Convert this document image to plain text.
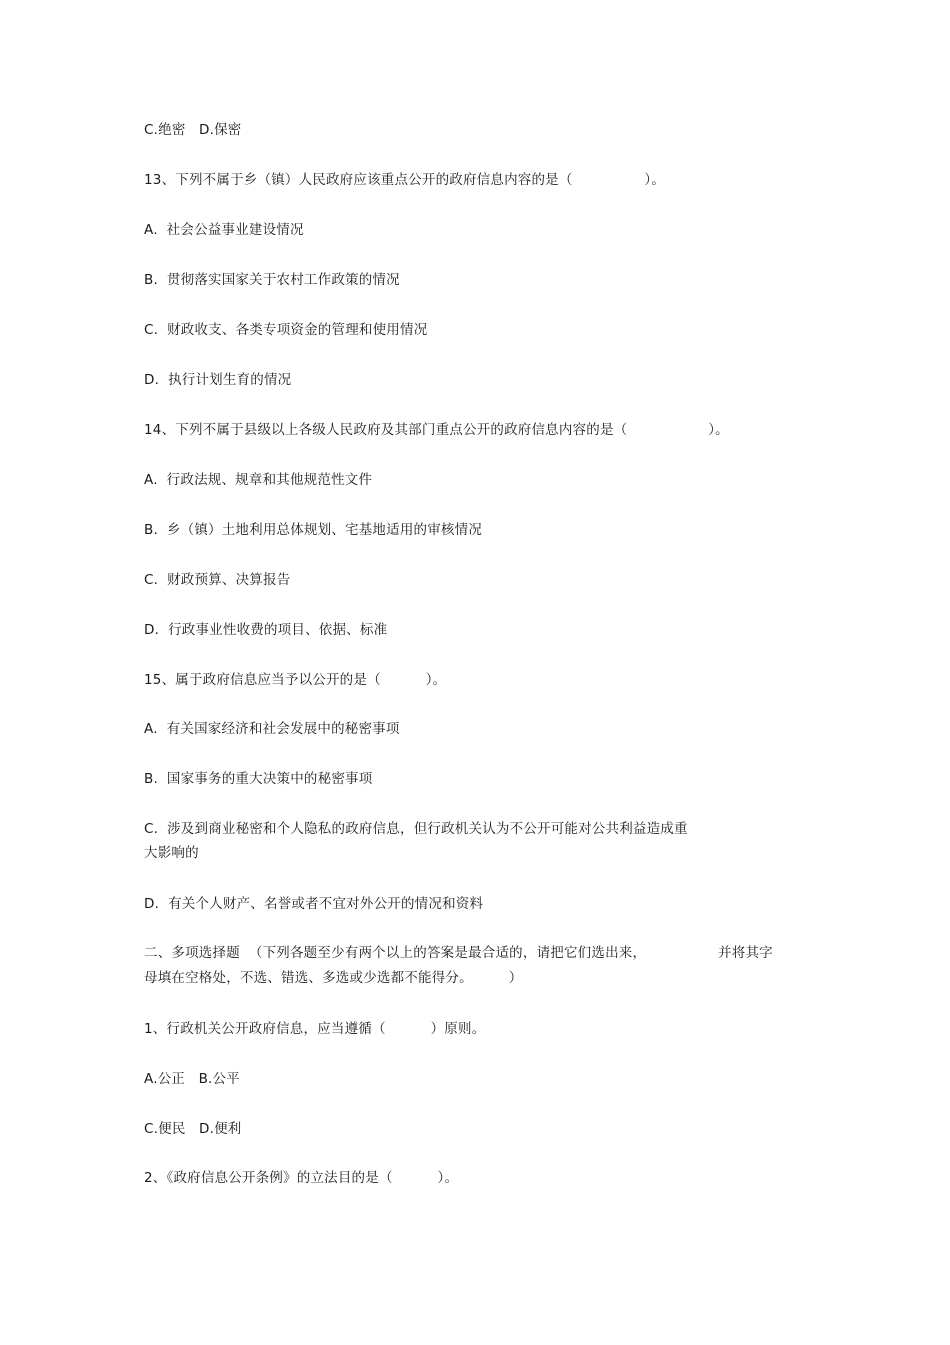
C.绝密   D.保密
13、下列不属于乡（镇）人民政府应该重点公开的政府信息内容的是（                ）。
A.  社会公益事业建设情况
B.  贯彻落实国家关于农村工作政策的情况
C.  财政收支、各类专项资金的管理和使用情况
D.  执行计划生育的情况
14、下列不属于县级以上各级人民政府及其部门重点公开的政府信息内容的是（                  ）。
A.  行政法规、规章和其他规范性文件
B.  乡（镇）土地利用总体规划、宅基地适用的审核情况
C.  财政预算、决算报告
D.  行政事业性收费的项目、依据、标准
15、属于政府信息应当予以公开的是（          ）。
A.  有关国家经济和社会发展中的秘密事项
B.  国家事务的重大决策中的秘密事项
C.  涉及到商业秘密和个人隐私的政府信息，但行政机关认为不公开可能对公共利益造成重
大影响的
D.  有关个人财产、名誉或者不宜对外公开的情况和资料
二、多项选择题  （下列各题至少有两个以上的答案是最合适的，请把它们选出来，                并将其字
母填在空格处，不选、错选、多选或少选都不能得分。        ）
1、行政机关公开政府信息，应当遵循（          ）原则。
A.公正   B.公平
C.便民   D.便利
2、《政府信息公开条例》的立法目的是（          ）。
